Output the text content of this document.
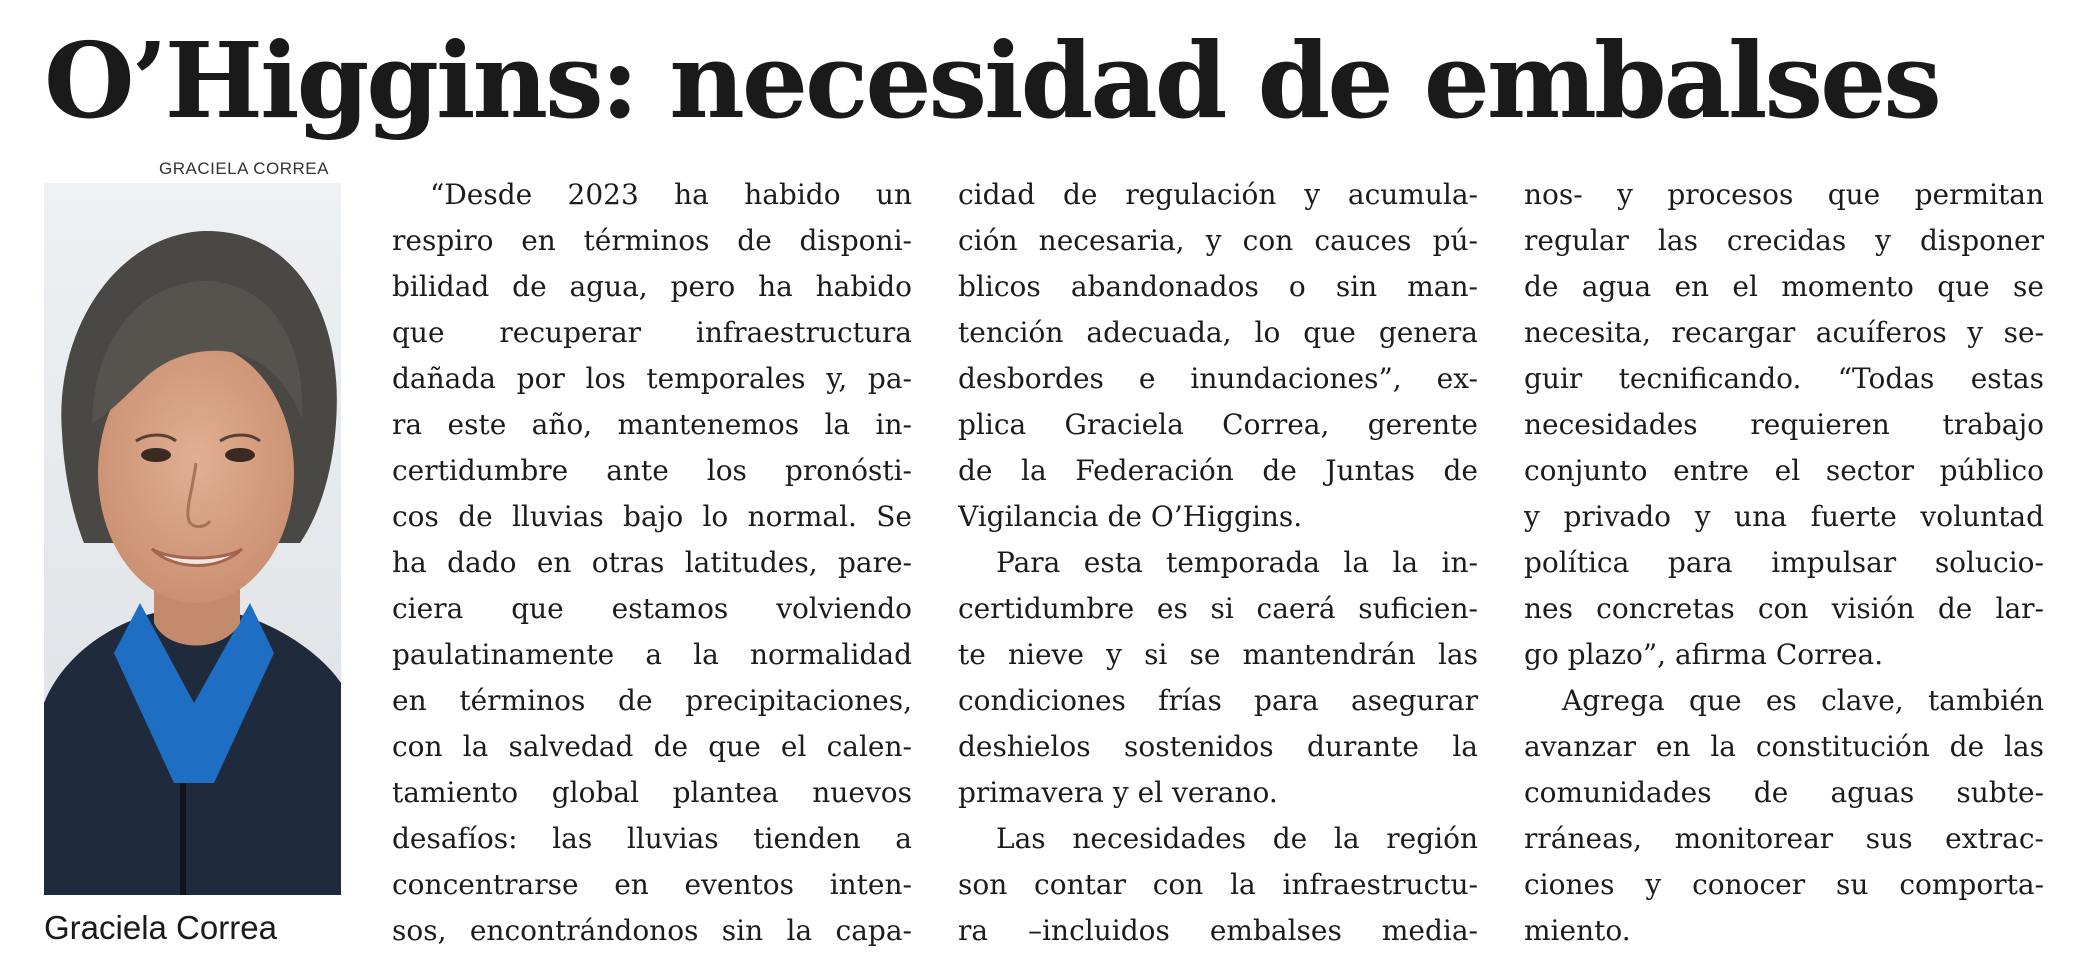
O’Higgins: necesidad de embalses
GRACIELA CORREA
Graciela Correa
“Desde 2023 ha habido un
respiro en términos de disponi-
bilidad de agua, pero ha habido
que recuperar infraestructura
dañada por los temporales y, pa-
ra este año, mantenemos la in-
certidumbre ante los pronósti-
cos de lluvias bajo lo normal. Se
ha dado en otras latitudes, pare-
ciera que estamos volviendo
paulatinamente a la normalidad
en términos de precipitaciones,
con la salvedad de que el calen-
tamiento global plantea nuevos
desafíos: las lluvias tienden a
concentrarse en eventos inten-
sos, encontrándonos sin la capa-
cidad de regulación y acumula-
ción necesaria, y con cauces pú-
blicos abandonados o sin man-
tención adecuada, lo que genera
desbordes e inundaciones”, ex-
plica Graciela Correa, gerente
de la Federación de Juntas de
Vigilancia de O’Higgins.
Para esta temporada la la in-
certidumbre es si caerá suficien-
te nieve y si se mantendrán las
condiciones frías para asegurar
deshielos sostenidos durante la
primavera y el verano.
Las necesidades de la región
son contar con la infraestructu-
ra –incluidos embalses media-
nos- y procesos que permitan
regular las crecidas y disponer
de agua en el momento que se
necesita, recargar acuíferos y se-
guir tecnificando. “Todas estas
necesidades requieren trabajo
conjunto entre el sector público
y privado y una fuerte voluntad
política para impulsar solucio-
nes concretas con visión de lar-
go plazo”, afirma Correa.
Agrega que es clave, también
avanzar en la constitución de las
comunidades de aguas subte-
rráneas, monitorear sus extrac-
ciones y conocer su comporta-
miento.
